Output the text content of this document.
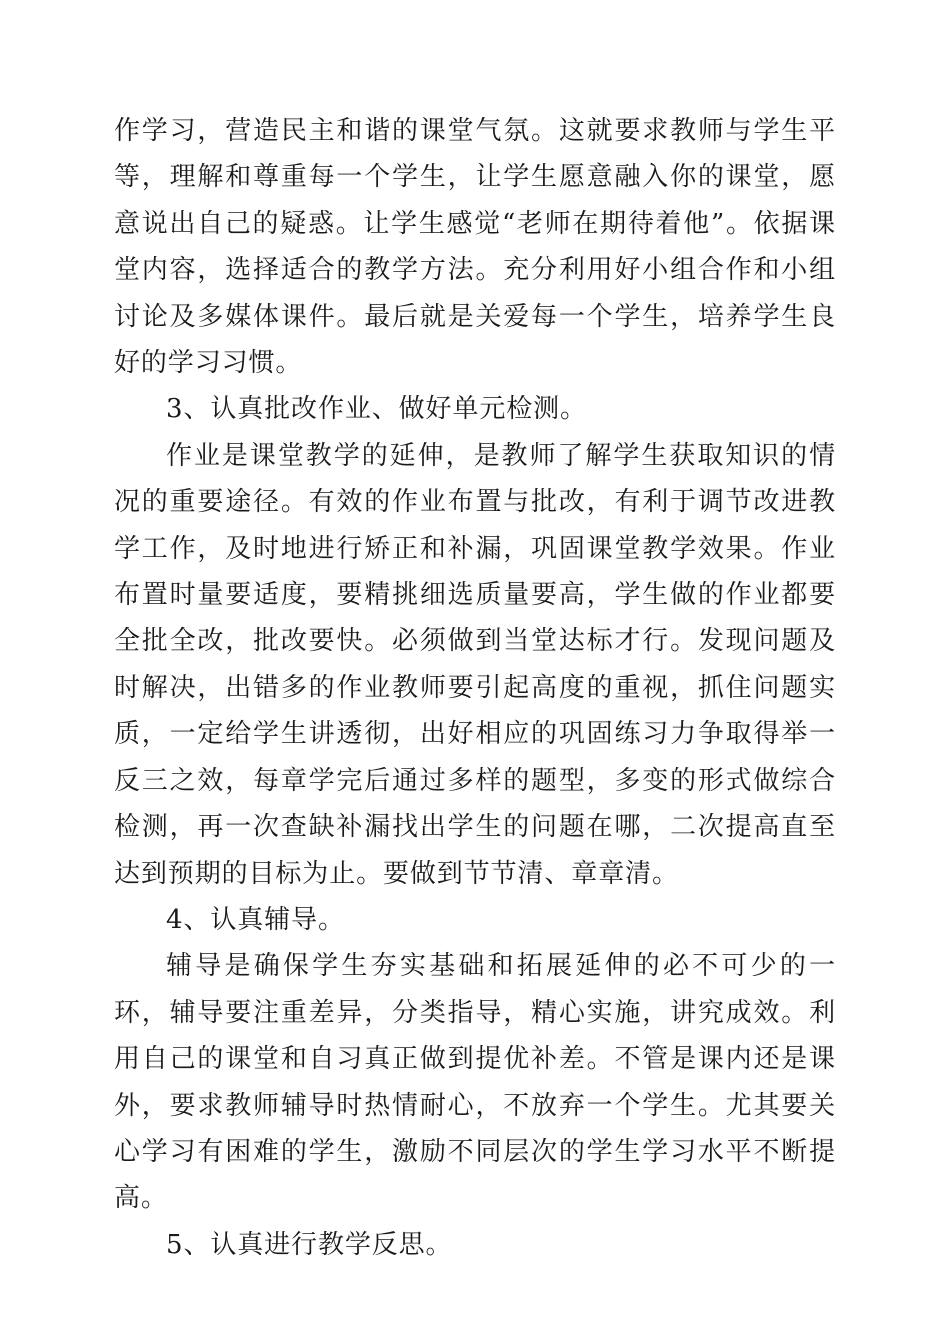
作学习，营造民主和谐的课堂气氛。这就要求教师与学生平等，理解和尊重每一个学生，让学生愿意融入你的课堂，愿意说出自己的疑惑。让学生感觉“老师在期待着他”。依据课堂内容，选择适合的教学方法。充分利用好小组合作和小组讨论及多媒体课件。最后就是关爱每一个学生，培养学生良好的学习习惯。

3、认真批改作业、做好单元检测。

作业是课堂教学的延伸，是教师了解学生获取知识的情况的重要途径。有效的作业布置与批改，有利于调节改进教学工作，及时地进行矫正和补漏，巩固课堂教学效果。作业布置时量要适度，要精挑细选质量要高，学生做的作业都要全批全改，批改要快。必须做到当堂达标才行。发现问题及时解决，出错多的作业教师要引起高度的重视，抓住问题实质，一定给学生讲透彻，出好相应的巩固练习力争取得举一反三之效，每章学完后通过多样的题型，多变的形式做综合检测，再一次查缺补漏找出学生的问题在哪，二次提高直至达到预期的目标为止。要做到节节清、章章清。

4、认真辅导。

辅导是确保学生夯实基础和拓展延伸的必不可少的一环，辅导要注重差异，分类指导，精心实施，讲究成效。利用自己的课堂和自习真正做到提优补差。不管是课内还是课外，要求教师辅导时热情耐心，不放弃一个学生。尤其要关心学习有困难的学生，激励不同层次的学生学习水平不断提高。

5、认真进行教学反思。
